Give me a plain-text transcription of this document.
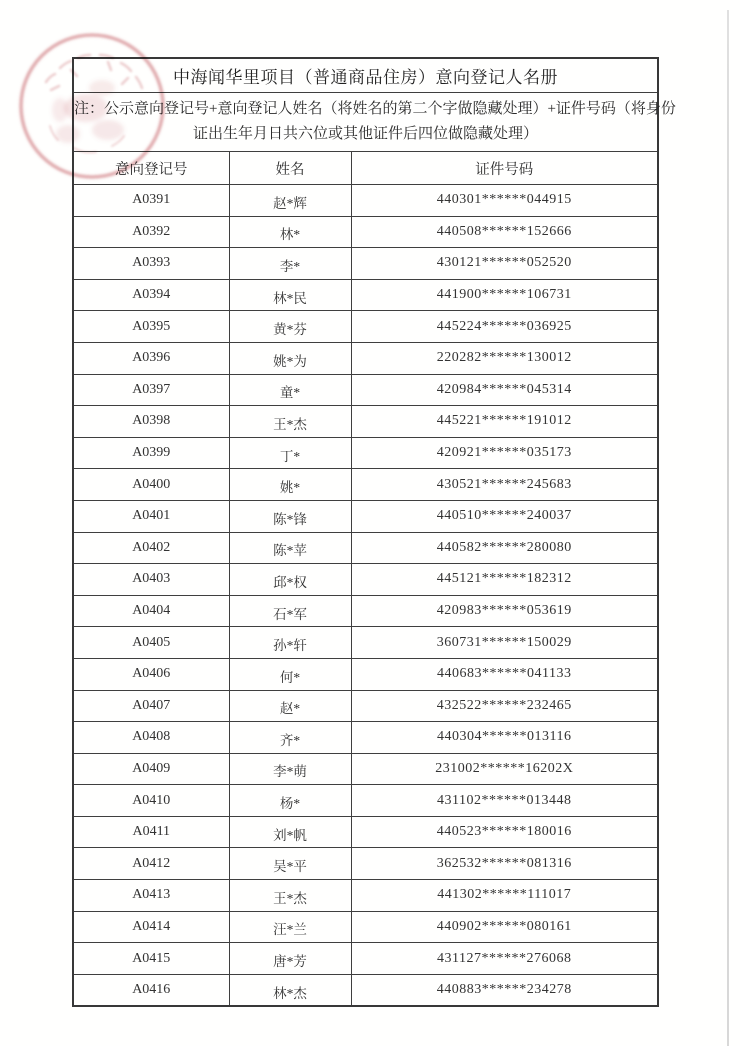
中海闻华里项目（普通商品住房）意向登记人名册		

注：公示意向登记号+意向登记人姓名（将姓名的第二个字做隐藏处理）+证件号码（将身份
证出生年月日共六位或其他证件后四位做隐藏处理）		

意向登记号	姓名	证件号码
A0391	赵*辉	440301******044915
A0392	林*	440508******152666
A0393	李*	430121******052520
A0394	林*民	441900******106731
A0395	黄*芬	445224******036925
A0396	姚*为	220282******130012
A0397	童*	420984******045314
A0398	王*杰	445221******191012
A0399	丁*	420921******035173
A0400	姚*	430521******245683
A0401	陈*锋	440510******240037
A0402	陈*苹	440582******280080
A0403	邱*权	445121******182312
A0404	石*军	420983******053619
A0405	孙*轩	360731******150029
A0406	何*	440683******041133
A0407	赵*	432522******232465
A0408	齐*	440304******013116
A0409	李*萌	231002******16202X
A0410	杨*	431102******013448
A0411	刘*帆	440523******180016
A0412	吴*平	362532******081316
A0413	王*杰	441302******111017
A0414	汪*兰	440902******080161
A0415	唐*芳	431127******276068
A0416	林*杰	440883******234278
